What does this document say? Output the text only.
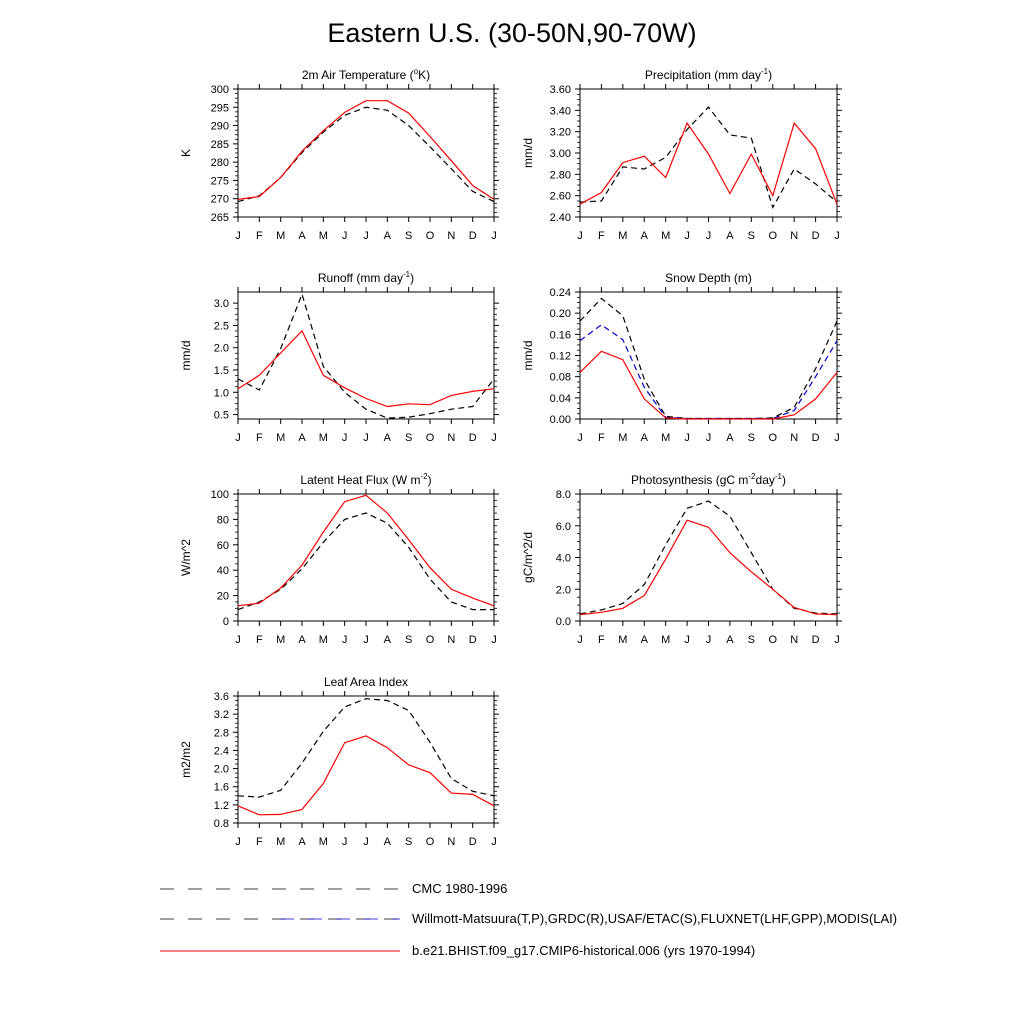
Eastern U.S. (30-50N,90-70W)
J F M A M J J A S O N D J
265
270
275
280
285
290
295
300
2m Air Temperature ($^o$K)
K
J F M A M J J A S O N D J
2.40
2.60
2.80
3.00
3.20
3.40
3.60
Precipitation (mm day$^{-1}$)
mm/d
J F M A M J J A S O N D J
0.5
1.0
1.5
2.0
2.5
3.0
Runoff (mm day$^{-1}$)
mm/d
J F M A M J J A S O N D J
0.00
0.04
0.08
0.12
0.16
0.20
0.24
Snow Depth (m)
mm/d
J F M A M J J A S O N D J
0
20
40
60
80
100
Latent Heat Flux (W $m^{-2}$)
W/m^2
J F M A M J J A S O N D J
0.0
2.0
4.0
6.0
8.0
Photosynthesis (gC $m^{-2}day^{-1}$)
gC/m^2/d
J F M A M J J A S O N D J
0.8
1.2
1.6
2.0
2.4
2.8
3.2
3.6
Leaf Area Index
m2/m2
CMC 1980-1996
Willmott-Matsuura(T,P),GRDC(R),USAF/ETAC(S),FLUXNET(LHF,GPP),MODIS(LAI)
b.e21.BHIST.f09_g17.CMIP6-historical.006 (yrs 1970-1994)
